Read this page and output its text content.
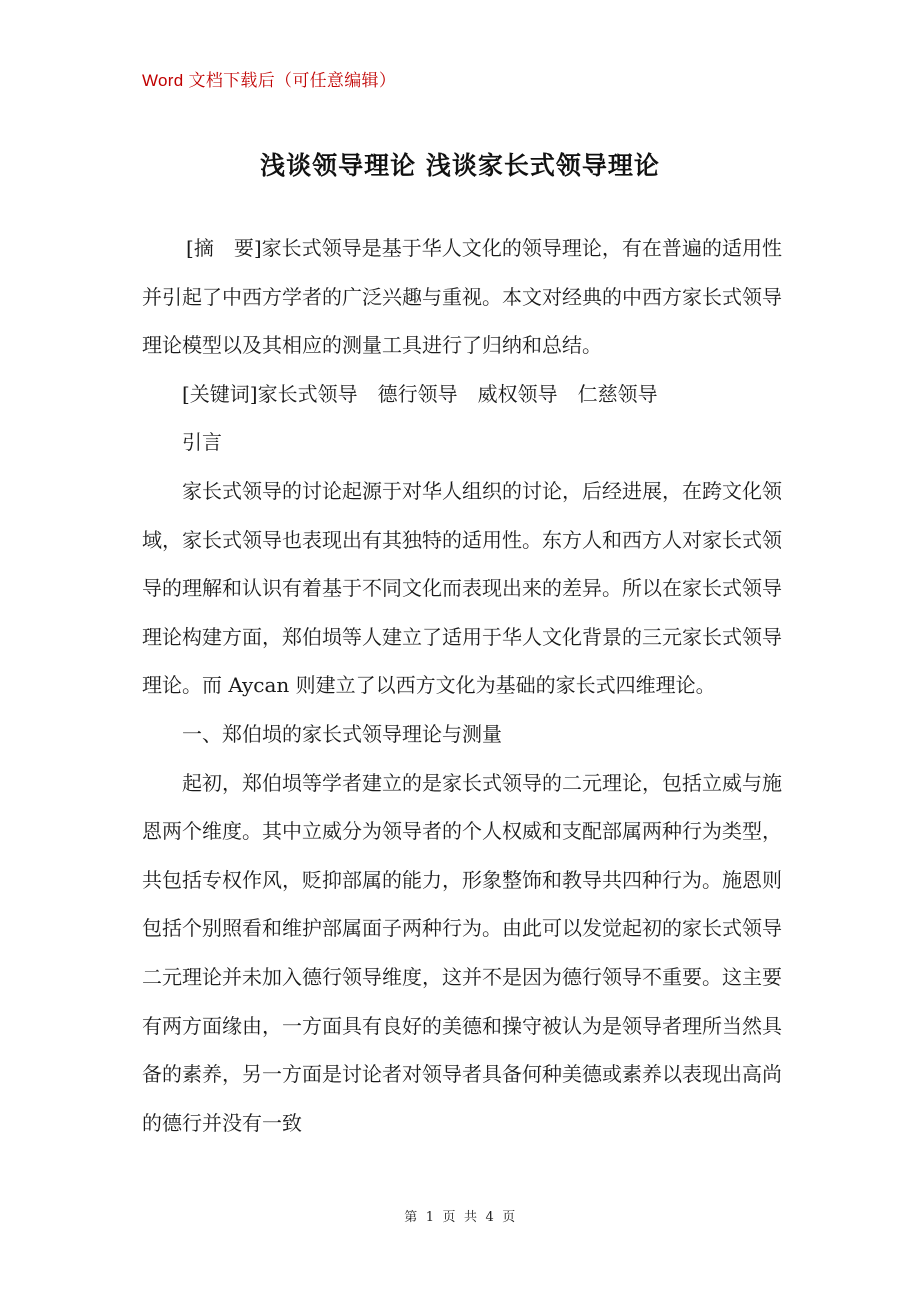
Word 文档下载后（可任意编辑）
浅谈领导理论 浅谈家长式领导理论

[摘　要]家长式领导是基于华人文化的领导理论，有在普遍的适用性并引起了中西方学者的广泛兴趣与重视。本文对经典的中西方家长式领导理论模型以及其相应的测量工具进行了归纳和总结。

[关键词]家长式领导　德行领导　威权领导　仁慈领导

引言

家长式领导的讨论起源于对华人组织的讨论，后经进展，在跨文化领域，家长式领导也表现出有其独特的适用性。东方人和西方人对家长式领导的理解和认识有着基于不同文化而表现出来的差异。所以在家长式领导理论构建方面，郑伯埙等人建立了适用于华人文化背景的三元家长式领导理论。而 Aycan 则建立了以西方文化为基础的家长式四维理论。

一、郑伯埙的家长式领导理论与测量

起初，郑伯埙等学者建立的是家长式领导的二元理论，包括立威与施恩两个维度。其中立威分为领导者的个人权威和支配部属两种行为类型，共包括专权作风，贬抑部属的能力，形象整饰和教导共四种行为。施恩则包括个别照看和维护部属面子两种行为。由此可以发觉起初的家长式领导二元理论并未加入德行领导维度，这并不是因为德行领导不重要。这主要有两方面缘由，一方面具有良好的美德和操守被认为是领导者理所当然具备的素养，另一方面是讨论者对领导者具备何种美德或素养以表现出高尚的德行并没有一致

第 1 页 共 4 页
